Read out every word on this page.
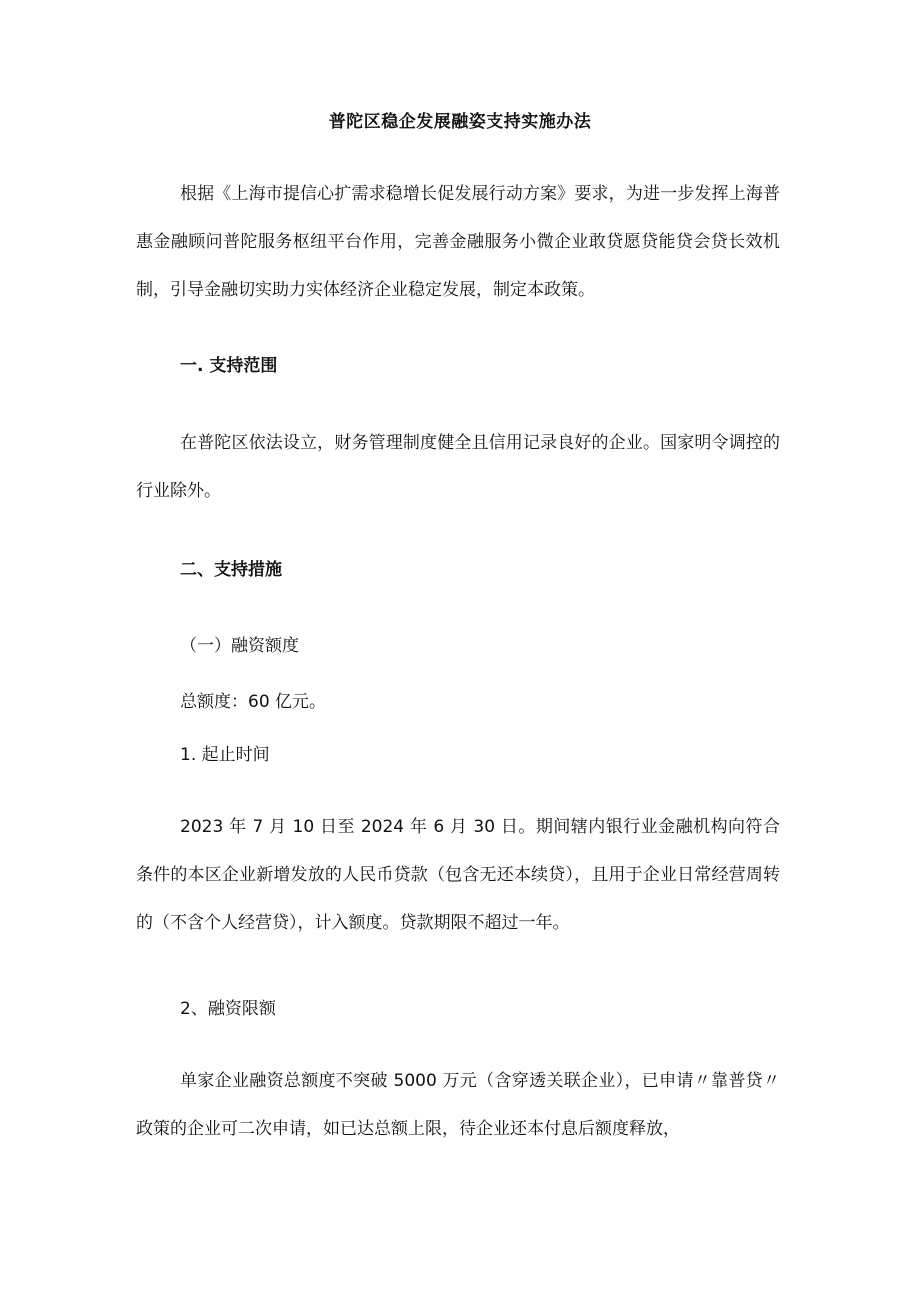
普陀区稳企发展融姿支持实施办法

根据《上海市提信心扩需求稳增长促发展行动方案》要求，为进一步发挥上海普惠金融顾问普陀服务枢纽平台作用，完善金融服务小微企业敢贷愿贷能贷会贷长效机制，引导金融切实助力实体经济企业稳定发展，制定本政策。

一. 支持范围

在普陀区依法设立，财务管理制度健全且信用记录良好的企业。国家明令调控的行业除外。

二、支持措施
（一）融资额度
总额度：60 亿元。
1. 起止时间

2023 年 7 月 10 日至 2024 年 6 月 30 日。期间辖内银行业金融机构向符合条件的本区企业新增发放的人民币贷款（包含无还本续贷），且用于企业日常经营周转的（不含个人经营贷），计入额度。贷款期限不超过一年。

2、融资限额

单家企业融资总额度不突破 5000 万元（含穿透关联企业），已申请〃靠普贷〃政策的企业可二次申请，如已达总额上限，待企业还本付息后额度释放，
